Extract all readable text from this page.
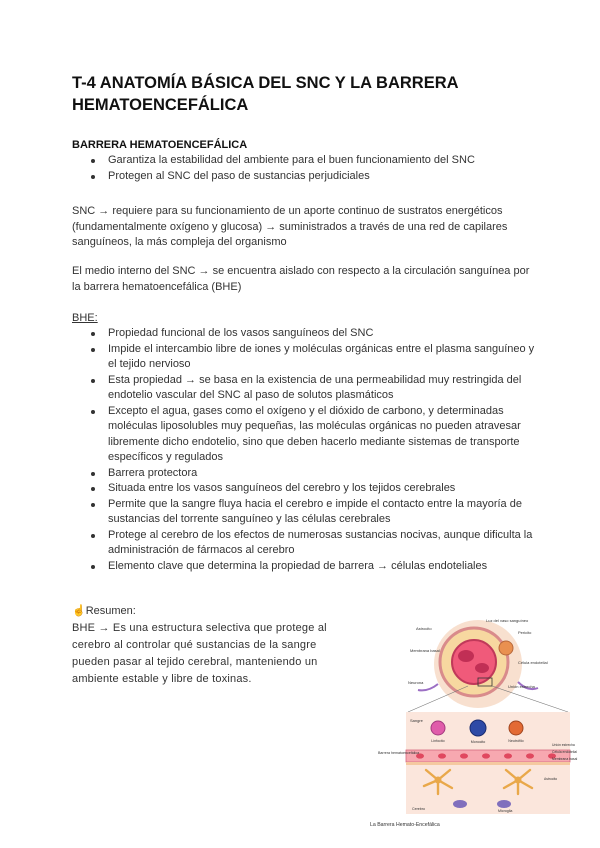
T-4 ANATOMÍA BÁSICA DEL SNC Y LA BARRERA HEMATOENCEFÁLICA
BARRERA HEMATOENCEFÁLICA
Garantiza la estabilidad del ambiente para el buen funcionamiento del SNC
Protegen al SNC del paso de sustancias perjudiciales
SNC → requiere para su funcionamiento de un aporte continuo de sustratos energéticos (fundamentalmente oxígeno y glucosa) → suministrados a través de una red de capilares sanguíneos, la más compleja del organismo
El medio interno del SNC → se encuentra aislado con respecto a la circulación sanguínea por la barrera hematoencefálica (BHE)
BHE:
Propiedad funcional de los vasos sanguíneos del SNC
Impide el intercambio libre de iones y moléculas orgánicas entre el plasma sanguíneo y el tejido nervioso
Esta propiedad → se basa en la existencia de una permeabilidad muy restringida del endotelio vascular del SNC al paso de solutos plasmáticos
Excepto el agua, gases como el oxígeno y el dióxido de carbono, y determinadas moléculas liposolubles muy pequeñas, las moléculas orgánicas no pueden atravesar libremente dicho endotelio, sino que deben hacerlo mediante sistemas de transporte específicos y regulados
Barrera protectora
Situada entre los vasos sanguíneos del cerebro y los tejidos cerebrales
Permite que la sangre fluya hacia el cerebro e impide el contacto entre la mayoría de sustancias del torrente sanguíneo y las células cerebrales
Protege al cerebro de los efectos de numerosas sustancias nocivas, aunque dificulta la administración de fármacos al cerebro
Elemento clave que determina la propiedad de barrera → células endoteliales
☝Resumen:
BHE → Es una estructura selectiva que protege al cerebro al controlar qué sustancias de la sangre pueden pasar al tejido cerebral, manteniendo un ambiente estable y libre de toxinas.
Luz del vaso sanguíneo
Astrocito
Pericito
Membrana basal
Célula endotelial
Neurona
Unión estrecha
Sangre
Linfocito	Monocito	Neutrófilo
Barrera hematoencefálica
Unión estrecha
Célula endotelial
Membrana basal
Astrocito
Cerebro	Microglia
La Barrera Hemato-Encefálica
